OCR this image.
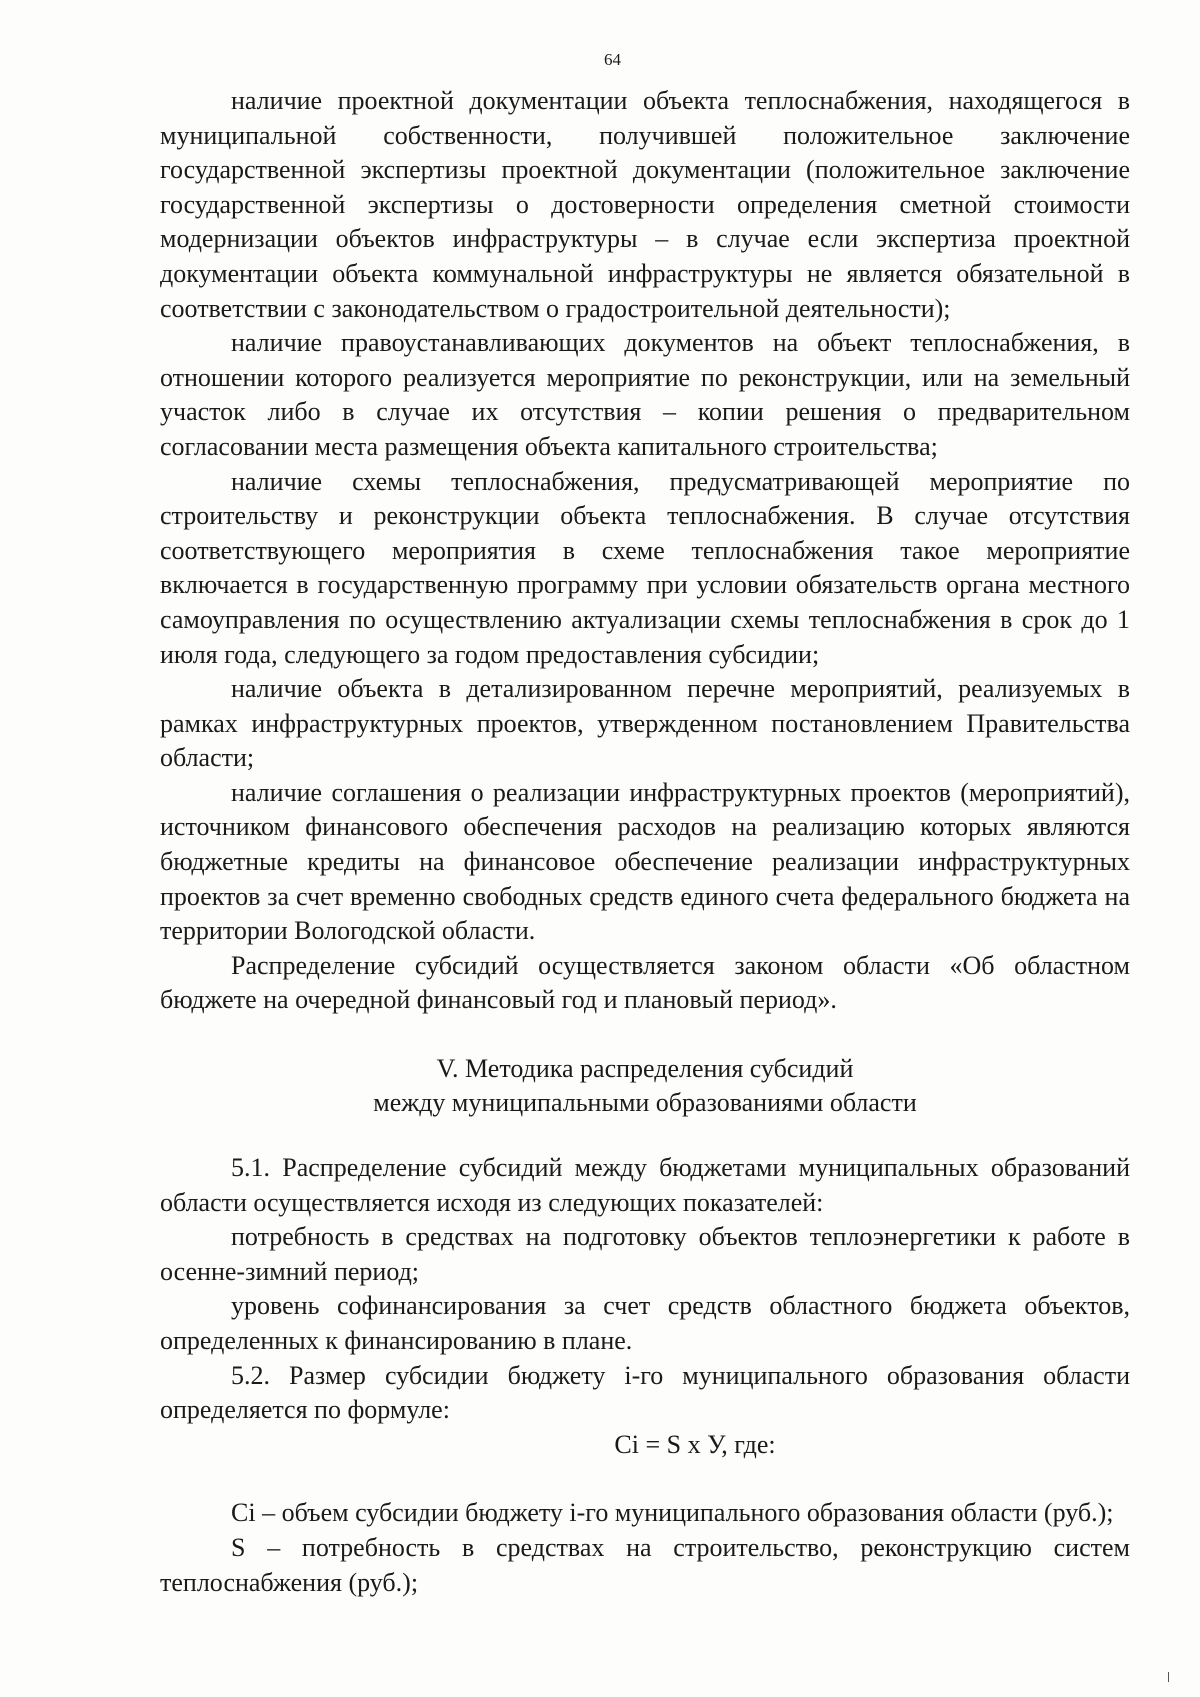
64

наличие проектной документации объекта теплоснабжения, находящегося в муниципальной собственности, получившей положительное заключение государственной экспертизы проектной документации (положительное заключение государственной экспертизы о достоверности определения сметной стоимости модернизации объектов инфраструктуры – в случае если экспертиза проектной документации объекта коммунальной инфраструктуры не является обязательной в соответствии с законодательством о градостроительной деятельности);

наличие правоустанавливающих документов на объект теплоснабжения, в отношении которого реализуется мероприятие по реконструкции, или на земельный участок либо в случае их отсутствия – копии решения о предварительном согласовании места размещения объекта капитального строительства;

наличие схемы теплоснабжения, предусматривающей мероприятие по строительству и реконструкции объекта теплоснабжения. В случае отсутствия соответствующего мероприятия в схеме теплоснабжения такое мероприятие включается в государственную программу при условии обязательств органа местного самоуправления по осуществлению актуализации схемы теплоснабжения в срок до 1 июля года, следующего за годом предоставления субсидии;

наличие объекта в детализированном перечне мероприятий, реализуемых в рамках инфраструктурных проектов, утвержденном постановлением Правительства области;

наличие соглашения о реализации инфраструктурных проектов (мероприятий), источником финансового обеспечения расходов на реализацию которых являются бюджетные кредиты на финансовое обеспечение реализации инфраструктурных проектов за счет временно свободных средств единого счета федерального бюджета на территории Вологодской области.

Распределение субсидий осуществляется законом области «Об областном бюджете на очередной финансовый год и плановый период».

V. Методика распределения субсидий
между муниципальными образованиями области

5.1. Распределение субсидий между бюджетами муниципальных образований области осуществляется исходя из следующих показателей:

потребность в средствах на подготовку объектов теплоэнергетики к работе в осенне-зимний период;

уровень софинансирования за счет средств областного бюджета объектов, определенных к финансированию в плане.

5.2. Размер субсидии бюджету i-го муниципального образования области определяется по формуле:

Ci = S x У, где:

Ci – объем субсидии бюджету i-го муниципального образования области (руб.);

S – потребность в средствах на строительство, реконструкцию систем теплоснабжения (руб.);
